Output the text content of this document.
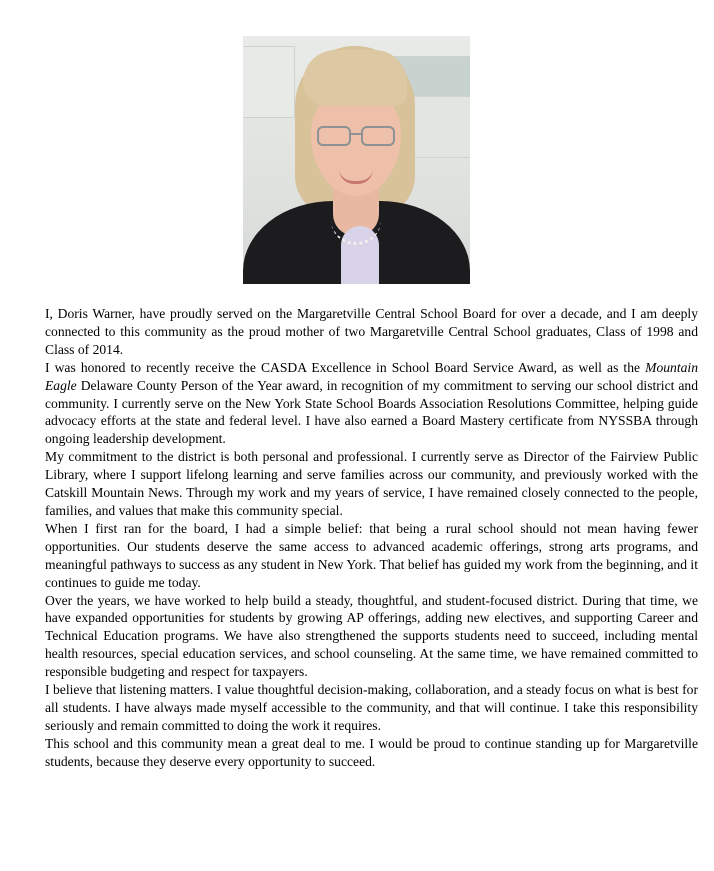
I, Doris Warner, have proudly served on the Margaretville Central School Board for over a decade, and I am deeply connected to this community as the proud mother of two Margaretville Central School graduates, Class of 1998 and Class of 2014.

I was honored to recently receive the CASDA Excellence in School Board Service Award, as well as the Mountain Eagle Delaware County Person of the Year award, in recognition of my commitment to serving our school district and community. I currently serve on the New York State School Boards Association Resolutions Committee, helping guide advocacy efforts at the state and federal level. I have also earned a Board Mastery certificate from NYSSBA through ongoing leadership development.

My commitment to the district is both personal and professional. I currently serve as Director of the Fairview Public Library, where I support lifelong learning and serve families across our community, and previously worked with the Catskill Mountain News. Through my work and my years of service, I have remained closely connected to the people, families, and values that make this community special.

When I first ran for the board, I had a simple belief: that being a rural school should not mean having fewer opportunities. Our students deserve the same access to advanced academic offerings, strong arts programs, and meaningful pathways to success as any student in New York. That belief has guided my work from the beginning, and it continues to guide me today.

Over the years, we have worked to help build a steady, thoughtful, and student-focused district. During that time, we have expanded opportunities for students by growing AP offerings, adding new electives, and supporting Career and Technical Education programs. We have also strengthened the supports students need to succeed, including mental health resources, special education services, and school counseling. At the same time, we have remained committed to responsible budgeting and respect for taxpayers.

I believe that listening matters. I value thoughtful decision-making, collaboration, and a steady focus on what is best for all students. I have always made myself accessible to the community, and that will continue. I take this responsibility seriously and remain committed to doing the work it requires.

This school and this community mean a great deal to me. I would be proud to continue standing up for Margaretville students, because they deserve every opportunity to succeed.
